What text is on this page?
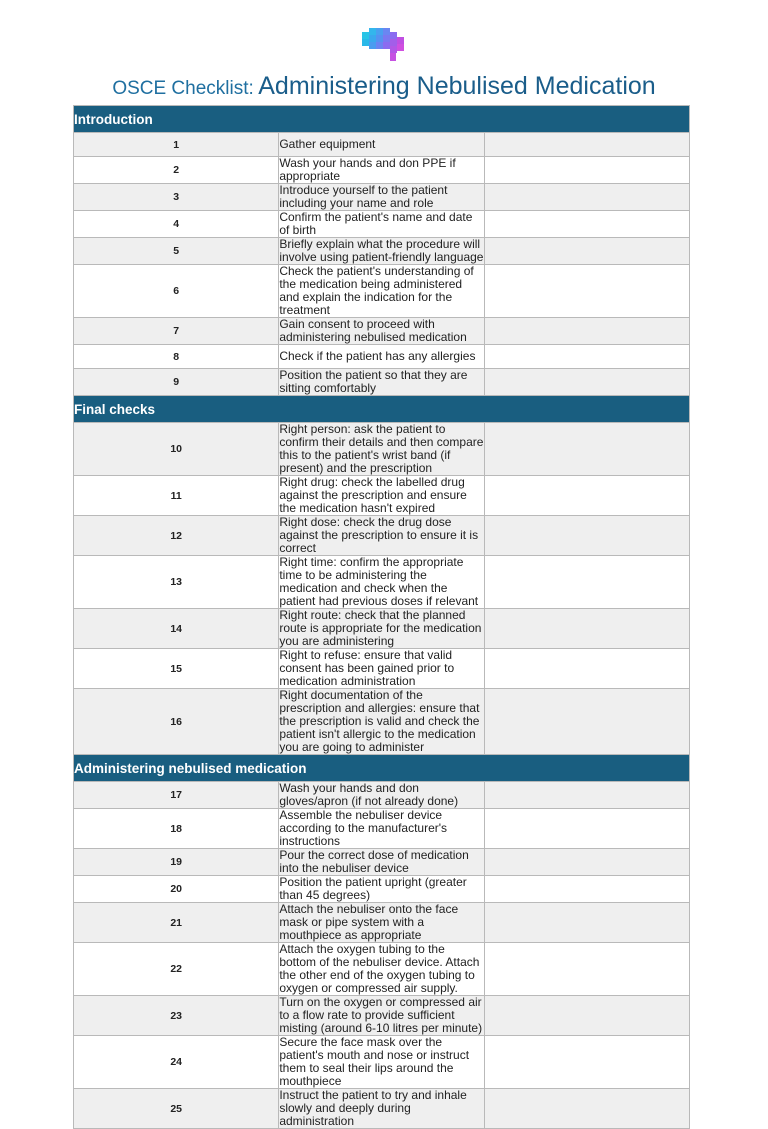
OSCE Checklist: Administering Nebulised Medication
Introduction		
1	Gather equipment	
2	Wash your hands and don PPE if appropriate	
3	Introduce yourself to the patient including your name and role	
4	Confirm the patient's name and date of birth	
5	Briefly explain what the procedure will involve using patient-friendly language	
6	Check the patient's understanding of the medication being administered and explain the indication for the treatment	
7	Gain consent to proceed with administering nebulised medication	
8	Check if the patient has any allergies	
9	Position the patient so that they are sitting comfortably	
Final checks		
10	Right person: ask the patient to confirm their details and then compare this to the patient's wrist band (if present) and the prescription	
11	Right drug: check the labelled drug against the prescription and ensure the medication hasn't expired	
12	Right dose: check the drug dose against the prescription to ensure it is correct	
13	Right time: confirm the appropriate time to be administering the medication and check when the patient had previous doses if relevant	
14	Right route: check that the planned route is appropriate for the medication you are administering	
15	Right to refuse: ensure that valid consent has been gained prior to medication administration	
16	Right documentation of the prescription and allergies: ensure that the prescription is valid and check the patient isn't allergic to the medication you are going to administer	
Administering nebulised medication		
17	Wash your hands and don gloves/apron (if not already done)	
18	Assemble the nebuliser device according to the manufacturer's instructions	
19	Pour the correct dose of medication into the nebuliser device	
20	Position the patient upright (greater than 45 degrees)	
21	Attach the nebuliser onto the face mask or pipe system with a mouthpiece as appropriate	
22	Attach the oxygen tubing to the bottom of the nebuliser device. Attach the other end of the oxygen tubing to oxygen or compressed air supply.	
23	Turn on the oxygen or compressed air to a flow rate to provide sufficient misting (around 6-10 litres per minute)	
24	Secure the face mask over the patient's mouth and nose or instruct them to seal their lips around the mouthpiece	
25	Instruct the patient to try and inhale slowly and deeply during administration	
